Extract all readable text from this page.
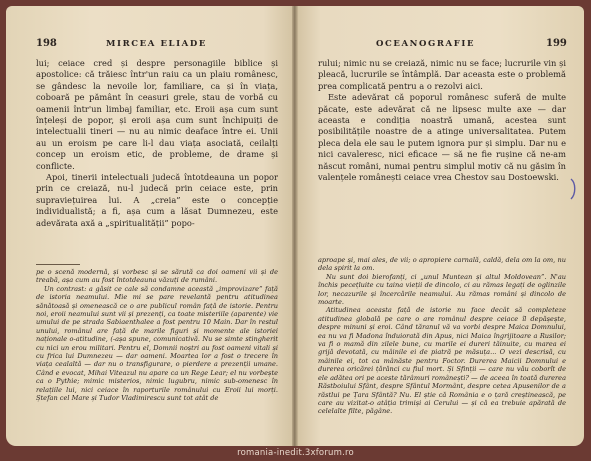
198	MIRCEA ELIADE

lui; ceiace cred și despre personagiile biblice și apostolice: că trăiesc într'un raiu ca un plaiu românesc, se gândesc la nevoile lor, familiare, ca și în viața, coboară pe pământ în ceasuri grele, stau de vorbă cu oamenii într'un limbaj familiar, etc. Eroii așa cum sunt înțeleși de popor, și eroii așa cum sunt închipuiți de intelectualii tineri — nu au nimic deafacе între ei. Unii au un eroism pe care li-l dau viața asociată, ceilalți concep un eroism etic, de probleme, de drame și conflicte.

Apoi, tinerii intelectuali judecă întotdeauna un popor prin ce creiază, nu-l judecă prin ceiace este, prin supraviețuirea lui. A „creia” este o concepție individualistă; a fi, așa cum a lăsat Dumnezeu, este adevărata axă a „spiritualității” popo-

pe o scenă modernă, și vorbesc și se sărută ca doi oameni vii și de treabă, așa cum au fost întotdeauna văzuți de rumâni.

Un contrast: a găsit ce cale să condamne această „improvizare” față de istoria neamului. Mie mi se pare revelantă pentru atitudinea sănătoasă și omenească ce o are publicul român față de istorie. Pentru noi, eroii neamului sunt vii și prezenți, ca toate misteriile (aparente) vie umului de pe strada Sabiaenthalee a fost pentru 10 Main. Dar în restul unului, românul are față de marile figuri și momente ale istoriei naționale o-atitudine, (-așa spune, comunicativă. Nu se simte stingherit cu nici un erou militari. Pentru el, Domnii noștri au fost oameni vitali și cu frica lui Dumnezeu — dar oameni. Moartea lor a fost o trecere în viața cealaltă — dar nu o transfigurare, o pierdere a prezenții umane. Când e evocat, Mihai Viteazul nu apare ca un Rege Lear; el nu vorbește ca o Pythie; mimic misterios, nimic lugubru, nimic sub-omenesc în relațiile lui, nici ceiace în raporturile românului cu Eroii lui morți. Ștefan cel Mare și Tudor Vladimirescu sunt tot atât de

OCEANOGRAFIE	199

rului; nimic nu se creiază, nimic nu se face; lucrurile vin și pleacă, lucrurile se întâmplă. Dar aceasta este o problemă prea complicată pentru a o rezolvi aici.

Este adevărat că poporul românesc suferă de multe păcate, este adevărat că ne lipsesc multe axe — dar aceasta e condiția noastră umană, acestea sunt posibilitățile noastre de a atinge universalitatea. Putem pleca dela ele sau le putem ignora pur și simplu. Dar nu e nici cavaleresc, nici eficace — să ne fie rușine că ne-am născut români, numai pentru simplul motiv că nu găsim în valențele românești ceiace vrea Chestov sau Dostoewski.

aproape și, mai ales, de vii; o apropiere carnală, caldă, dela om la om, nu dela spirit la om.

Nu sunt doi bierofanți, ci „unul Muntean și altul Moldovean”. N'au închis pecețluite cu taina vieții de dincolo, ci au rămas legați de oglinzile lor, necazurile și încercările neamului. Au rămas români și dincolo de moarte.

Atitudinea aceasta față de istorie nu face decât să completeze atitudinea globală pe care o are românul despre ceiace îl depășește, despre minuni și eroi. Când tăranul vă va vorbi despre Maica Domnului, ea nu va fi Madona înduiorată din Apus, nici Maica îngrijitoare a Rusilor; va fi o mamă din zilele bune, cu marile ei dureri tăinuite, cu marea ei grijă devotată, cu mâinile ei de piatră pe măsuța... O vezi descrisă, cu mâinile ei, tot ca mânăste pentru Foctor. Durerea Maicii Domnului e durerea oricărei țărănci cu fiul mort. Și Sfinții — care nu vău coborît de ele adătea ori pe aceste tărâmuri românești? — de aceea în toată durerea Răstboiului Sfânt, despre Sfântul Mormânt, despre cetea Apusenilor de a răstlui pe Țara Sfântă? Nu. El știe că România e o țară creștinească, pe care au vizitat-o atâția trimiși ai Cerului — și că ea trebuie apărată de celelalte filte, păgâne.

romania-inedit.3xforum.ro
